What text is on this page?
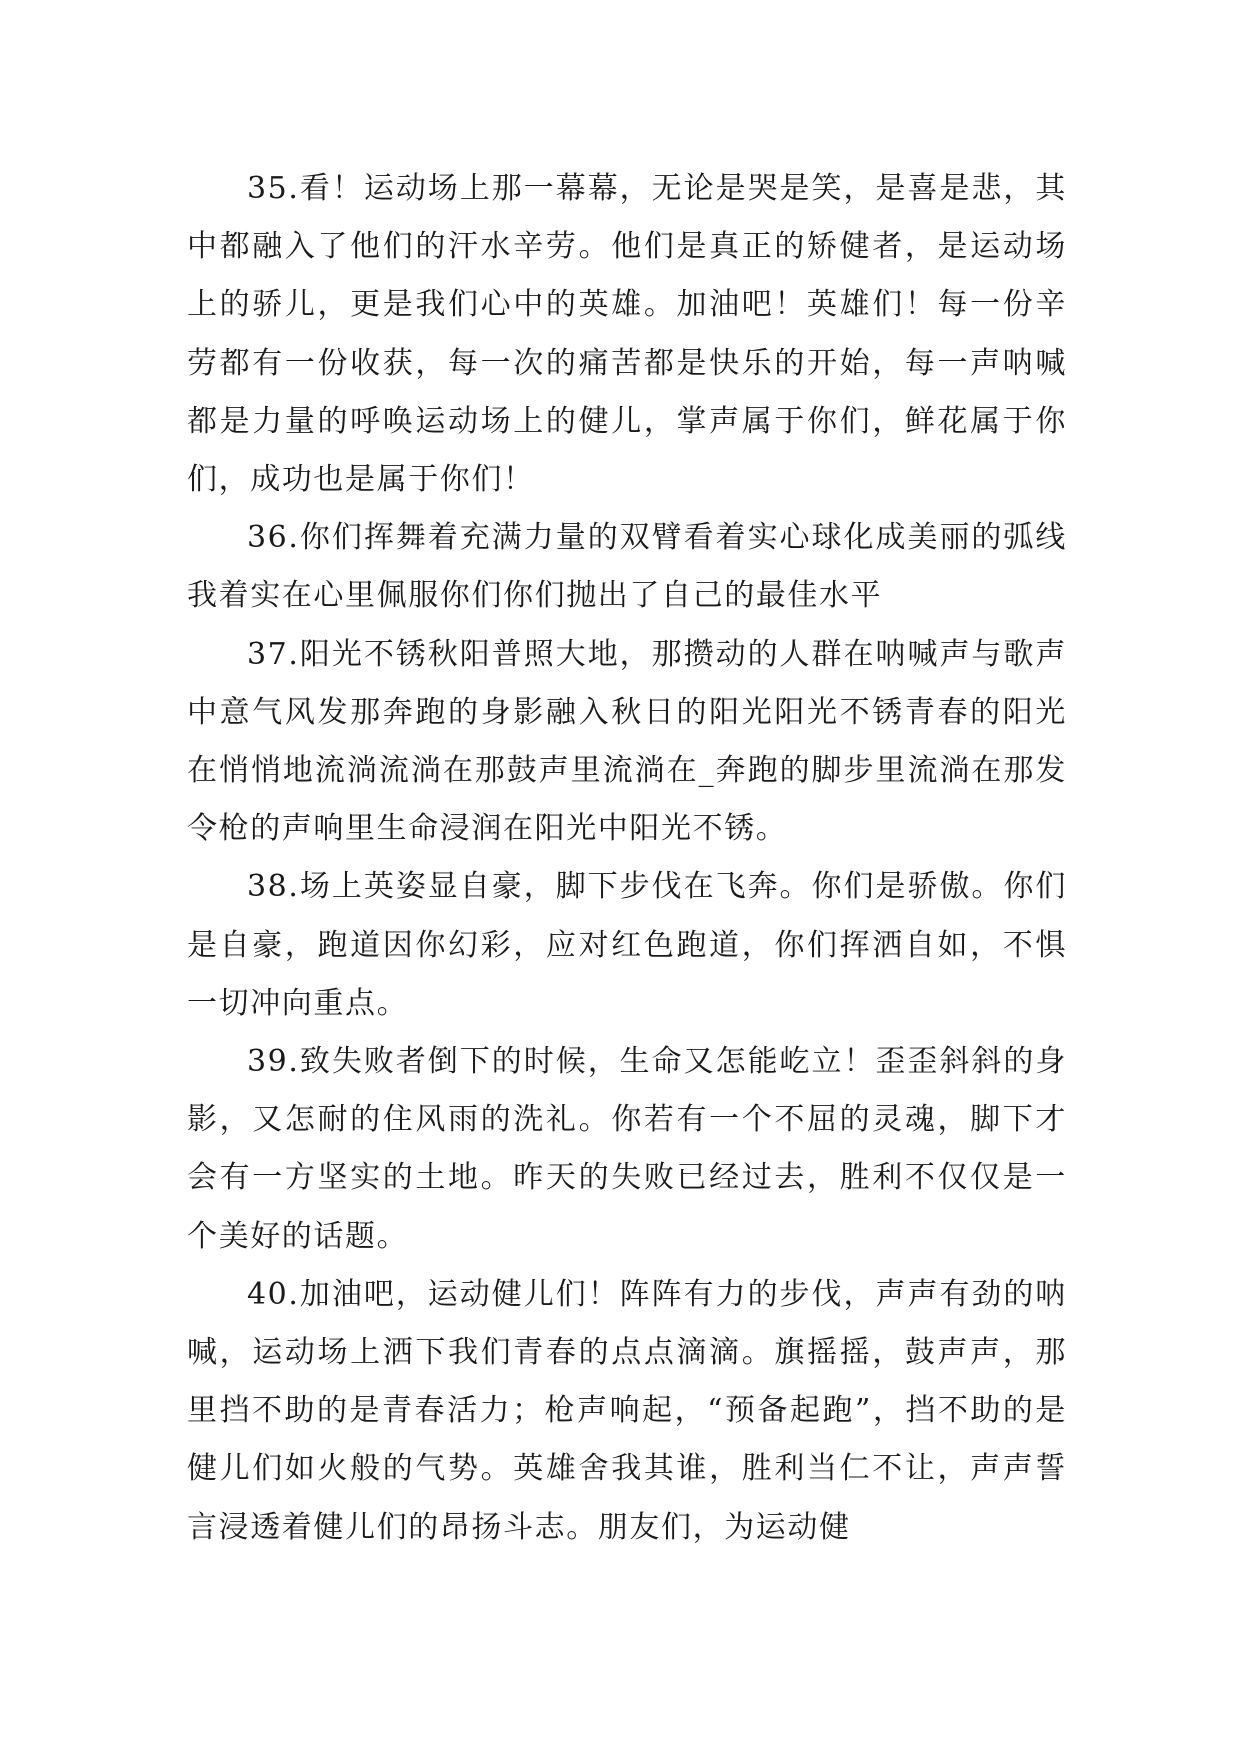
35.看！运动场上那一幕幕，无论是哭是笑，是喜是悲，其中都融入了他们的汗水辛劳。他们是真正的矫健者，是运动场上的骄儿，更是我们心中的英雄。加油吧！英雄们！每一份辛劳都有一份收获，每一次的痛苦都是快乐的开始，每一声呐喊都是力量的呼唤运动场上的健儿，掌声属于你们，鲜花属于你们，成功也是属于你们！

36.你们挥舞着充满力量的双臂看着实心球化成美丽的弧线我着实在心里佩服你们你们抛出了自己的最佳水平

37.阳光不锈秋阳普照大地，那攒动的人群在呐喊声与歌声中意气风发那奔跑的身影融入秋日的阳光阳光不锈青春的阳光在悄悄地流淌流淌在那鼓声里流淌在_奔跑的脚步里流淌在那发令枪的声响里生命浸润在阳光中阳光不锈。

38.场上英姿显自豪，脚下步伐在飞奔。你们是骄傲。你们是自豪，跑道因你幻彩，应对红色跑道，你们挥洒自如，不惧一切冲向重点。

39.致失败者倒下的时候，生命又怎能屹立！歪歪斜斜的身影，又怎耐的住风雨的洗礼。你若有一个不屈的灵魂，脚下才会有一方坚实的土地。昨天的失败已经过去，胜利不仅仅是一个美好的话题。

40.加油吧，运动健儿们！阵阵有力的步伐，声声有劲的呐喊，运动场上洒下我们青春的点点滴滴。旗摇摇，鼓声声，那里挡不助的是青春活力；枪声响起，“预备起跑”，挡不助的是健儿们如火般的气势。英雄舍我其谁，胜利当仁不让，声声誓言浸透着健儿们的昂扬斗志。朋友们，为运动健
